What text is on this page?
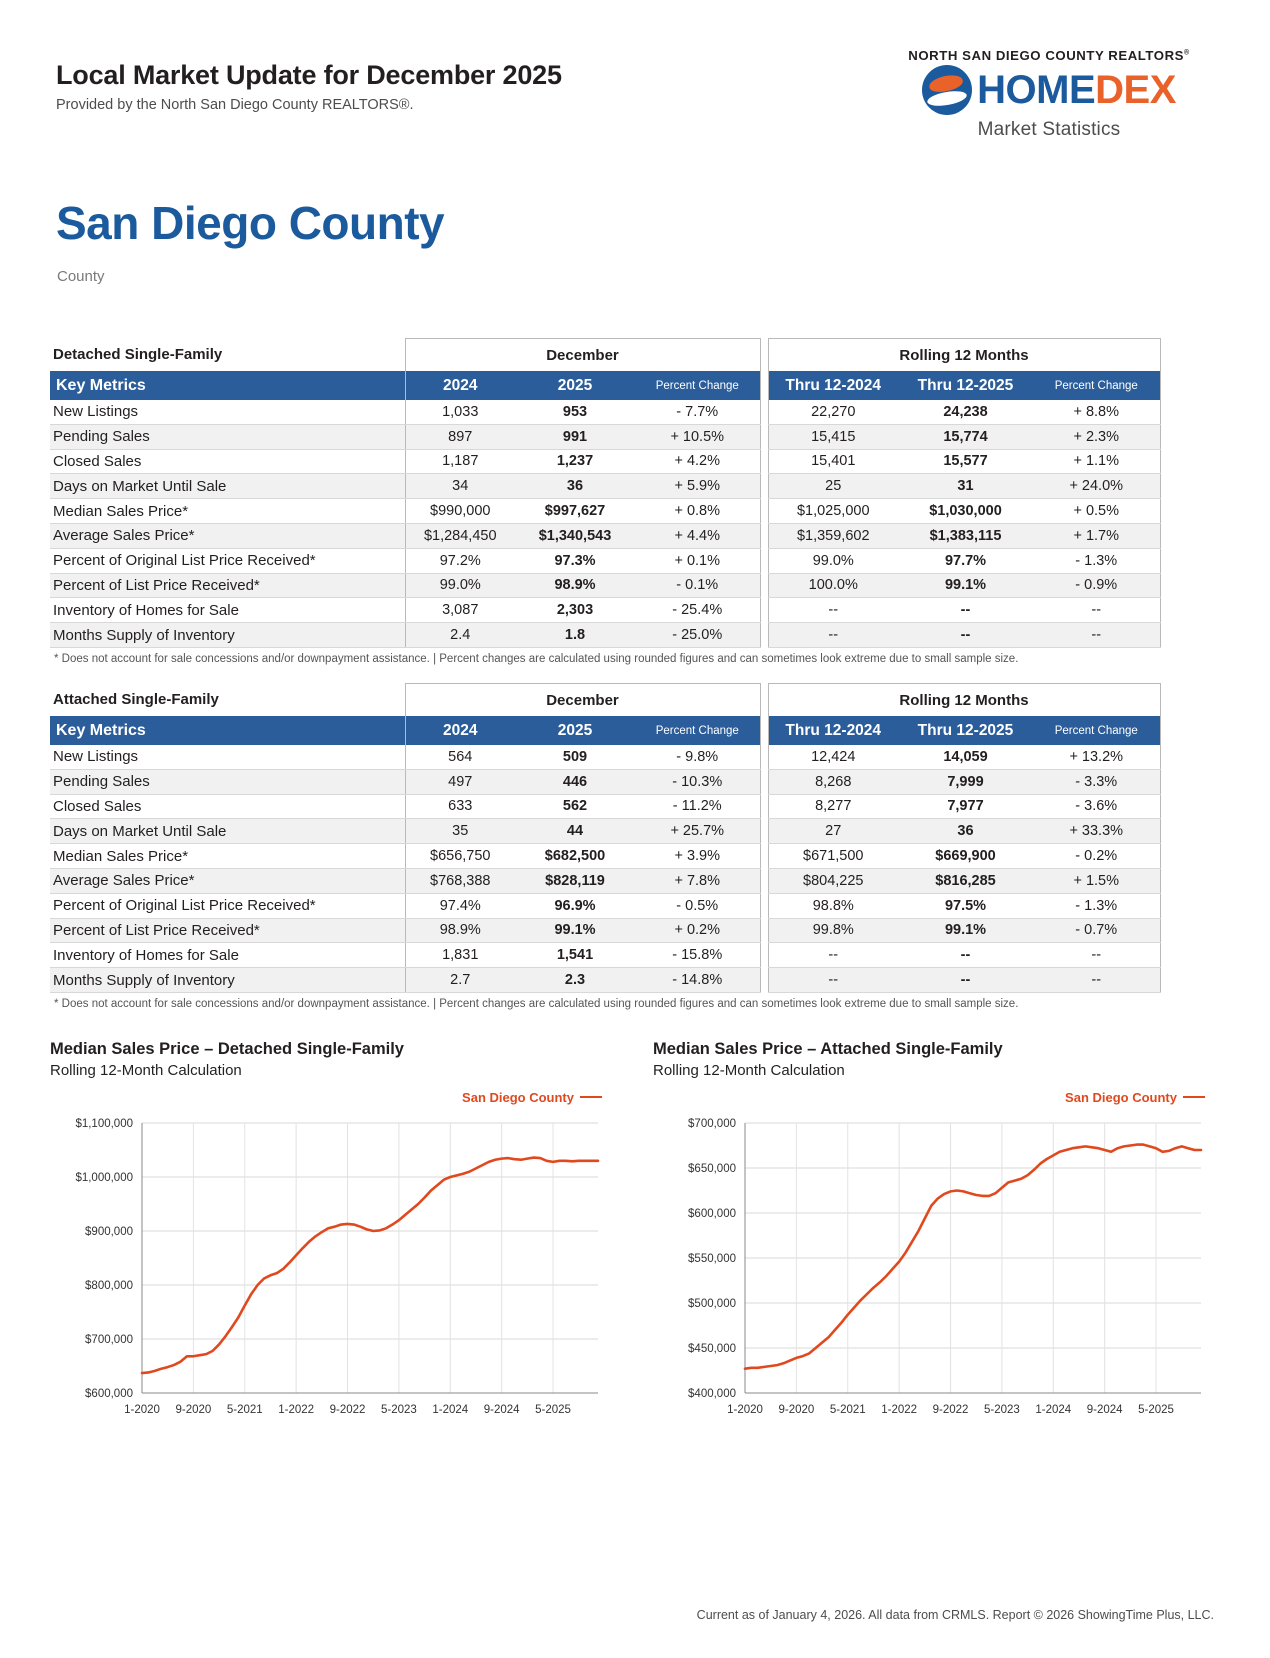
Local Market Update for December 2025
Provided by the North San Diego County REALTORS®.
NORTH SAN DIEGO COUNTY REALTORS®
HOME DEX
Market Statistics
San Diego County
County
Detached Single-Family	December				Rolling 12 Months		
Key Metrics	2024	2025	Percent Change		Thru 12-2024	Thru 12-2025	Percent Change
New Listings	1,033	953	- 7.7%		22,270	24,238	+ 8.8%
Pending Sales	897	991	+ 10.5%		15,415	15,774	+ 2.3%
Closed Sales	1,187	1,237	+ 4.2%		15,401	15,577	+ 1.1%
Days on Market Until Sale	34	36	+ 5.9%		25	31	+ 24.0%
Median Sales Price*	$990,000	$997,627	+ 0.8%		$1,025,000	$1,030,000	+ 0.5%
Average Sales Price*	$1,284,450	$1,340,543	+ 4.4%		$1,359,602	$1,383,115	+ 1.7%
Percent of Original List Price Received*	97.2%	97.3%	+ 0.1%		99.0%	97.7%	- 1.3%
Percent of List Price Received*	99.0%	98.9%	- 0.1%		100.0%	99.1%	- 0.9%
Inventory of Homes for Sale	3,087	2,303	- 25.4%		--	--	--
Months Supply of Inventory	2.4	1.8	- 25.0%		--	--	--
* Does not account for sale concessions and/or downpayment assistance. | Percent changes are calculated using rounded figures and can sometimes look extreme due to small sample size.
Attached Single-Family	December				Rolling 12 Months		
Key Metrics	2024	2025	Percent Change		Thru 12-2024	Thru 12-2025	Percent Change
New Listings	564	509	- 9.8%		12,424	14,059	+ 13.2%
Pending Sales	497	446	- 10.3%		8,268	7,999	- 3.3%
Closed Sales	633	562	- 11.2%		8,277	7,977	- 3.6%
Days on Market Until Sale	35	44	+ 25.7%		27	36	+ 33.3%
Median Sales Price*	$656,750	$682,500	+ 3.9%		$671,500	$669,900	- 0.2%
Average Sales Price*	$768,388	$828,119	+ 7.8%		$804,225	$816,285	+ 1.5%
Percent of Original List Price Received*	97.4%	96.9%	- 0.5%		98.8%	97.5%	- 1.3%
Percent of List Price Received*	98.9%	99.1%	+ 0.2%		99.8%	99.1%	- 0.7%
Inventory of Homes for Sale	1,831	1,541	- 15.8%		--	--	--
Months Supply of Inventory	2.7	2.3	- 14.8%		--	--	--
* Does not account for sale concessions and/or downpayment assistance. | Percent changes are calculated using rounded figures and can sometimes look extreme due to small sample size.
Median Sales Price – Detached Single-Family
Rolling 12-Month Calculation
San Diego County
$600,000
$700,000
$800,000
$900,000
$1,000,000
$1,100,000
1-2020 9-2020 5-2021 1-2022 9-2022 5-2023 1-2024 9-2024 5-2025
Median Sales Price – Attached Single-Family
Rolling 12-Month Calculation
San Diego County
$400,000
$450,000
$500,000
$550,000
$600,000
$650,000
$700,000
1-2020 9-2020 5-2021 1-2022 9-2022 5-2023 1-2024 9-2024 5-2025
Current as of January 4, 2026. All data from CRMLS. Report © 2026 ShowingTime Plus, LLC.
